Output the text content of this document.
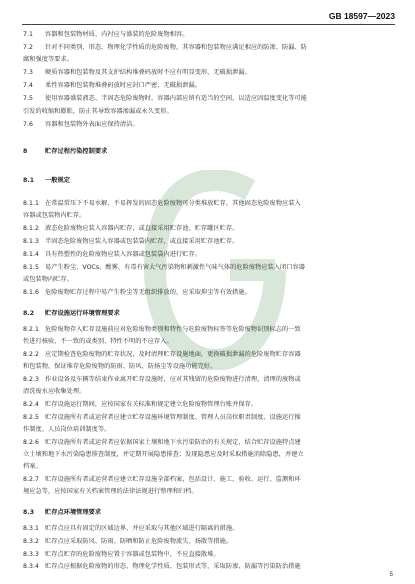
GB 18597—2023
7.1 容器和包装物材质、内衬应与盛装的危险废物相容。
7.2 针对不同类别、形态、物理化学性质的危险废物，其容器和包装物应满足相应的防渗、防漏、防
腐和强度等要求。
7.3 硬质容器和包装物及其支护结构堆叠码放时不应有明显变形，无破损泄漏。
7.4 柔性容器和包装物堆叠码放时应封口严密，无破损泄漏。
7.5 使用容器盛装液态、半固态危险废物时，容器内部应留有适当的空间，以适应因温度变化等可能
引发的收缩和膨胀，防止其导致容器渗漏或永久变形。
7.6 容器和包装物外表面应保持清洁。
8	贮存过程污染控制要求
8.1 一般规定
8.1.1 在常温常压下不易水解、不易挥发的固态危险废物可分类堆放贮存，其他固态危险废物应装入
容器或包装物内贮存。
8.1.2 液态危险废物应装入容器内贮存，或直接采用贮存池、贮存罐区贮存。
8.1.3 半固态危险废物应装入容器或包装袋内贮存，或直接采用贮存池贮存。
8.1.4 具有热塑性的危险废物应装入容器或包装袋内进行贮存。
8.1.5 易产生粉尘、VOCs、酸雾、有毒有害大气污染物和刺激性气味气体的危险废物应装入闭口容器
或包装物内贮存。
8.1.6 危险废物贮存过程中易产生粉尘等无组织排放的，应采取抑尘等有效措施。
8.2 贮存设施运行环境管理要求
8.2.1 危险废物存入贮存设施前应对危险废物类别和特性与危险废物标签等危险废物识别标志的一致
性进行核验，不一致的或类别、特性不明的不应存入。
8.2.2 应定期检查危险废物的贮存状况，及时清理贮存设施地面，更换破损泄漏的危险废物贮存容器
和包装物，保证堆存危险废物的防雨、防风、防扬尘等设施功能完好。
8.2.3 作业设备及车辆等结束作业离开贮存设施时，应对其残留的危险废物进行清理，清理的废物或
清洗废水应收集处理。
8.2.4 贮存设施运行期间，应按国家有关标准和规定建立危险废物管理台账并保存。
8.2.5 贮存设施所有者或运营者应建立贮存设施环境管理制度、管理人员岗位职责制度、设施运行操
作制度、人员岗位培训制度等。
8.2.6 贮存设施所有者或运营者应依据国家土壤和地下水污染防治的有关规定，结合贮存设施特点建
立土壤和地下水污染隐患排查制度，并定期开展隐患排查；发现隐患应及时采取措施消除隐患，并建立
档案。
8.2.7 贮存设施所有者或运营者应建立贮存设施全部档案，包括设计、施工、验收、运行、监测和环
境应急等，应按国家有关档案管理的法律法规进行整理和归档。
8.3 贮存点环境管理要求
8.3.1 贮存点应具有固定的区域边界，并应采取与其他区域进行隔离的措施。
8.3.2 贮存点应采取防风、防雨、防晒和防止危险废物流失、扬散等措施。
8.3.3 贮存点贮存的危险废物应置于容器或包装物中，不应直接散堆。
8.3.4 贮存点应根据危险废物的形态、物理化学性质、包装形式等，采取防渗、防漏等污染防治措施
5
